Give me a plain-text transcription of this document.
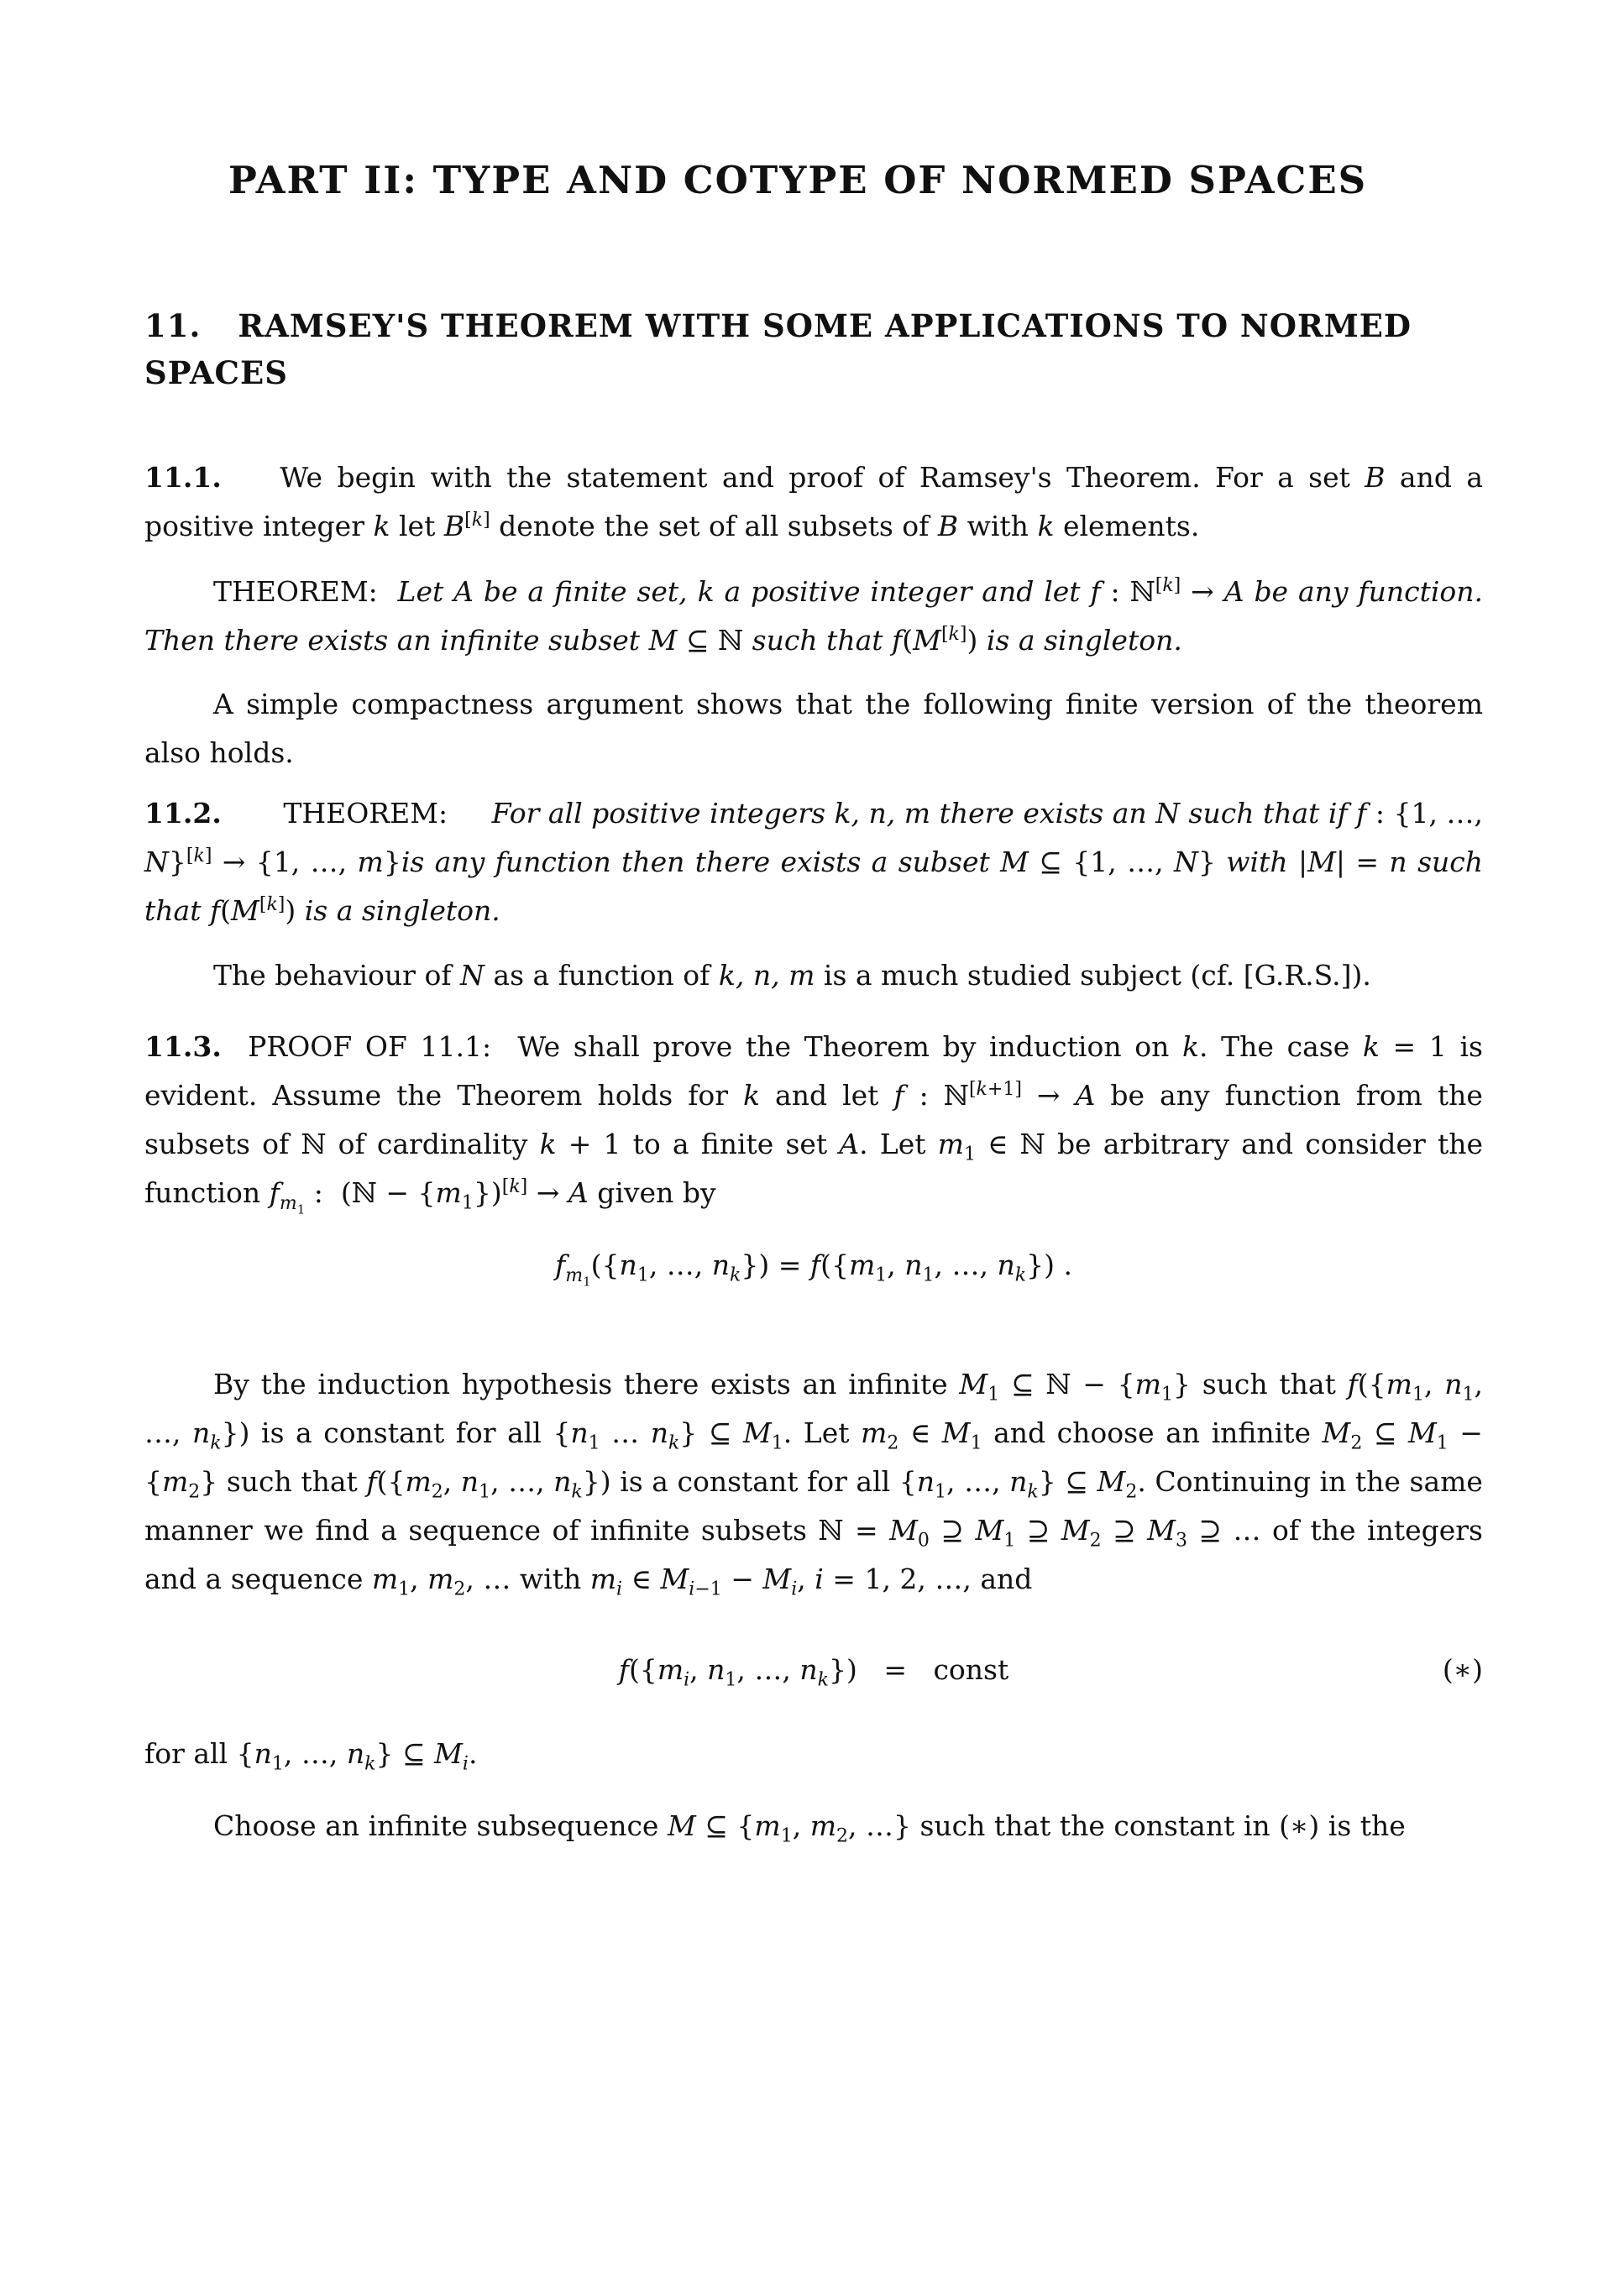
PART II: TYPE AND COTYPE OF NORMED SPACES
11. RAMSEY'S THEOREM WITH SOME APPLICATIONS TO NORMED SPACES
11.1. We begin with the statement and proof of Ramsey's Theorem. For a set B and a positive integer k let B[k] denote the set of all subsets of B with k elements.
THEOREM: Let A be a finite set, k a positive integer and let f : ℕ[k] → A be any function. Then there exists an infinite subset M ⊆ ℕ such that f(M[k]) is a singleton.
A simple compactness argument shows that the following finite version of the theorem also holds.
11.2. THEOREM: For all positive integers k, n, m there exists an N such that if f : {1, …, N}[k] → {1, …, m}is any function then there exists a subset M ⊆ {1, …, N} with |M| = n such that f(M[k]) is a singleton.
The behaviour of N as a function of k, n, m is a much studied subject (cf. [G.R.S.]).
11.3. PROOF OF 11.1: We shall prove the Theorem by induction on k. The case k = 1 is evident. Assume the Theorem holds for k and let f : ℕ[k+1] → A be any function from the subsets of ℕ of cardinality k + 1 to a finite set A. Let $m_1$ ∈ ℕ be arbitrary and consider the function $f_{m_1}$ :  (ℕ − $\{m_1\})[k] \to A$ given by
$f_{m_1}(\{n_1$, …, $n_k\}) = f(\{m_1$, $n_1$, …, $n_k$}) .
By the induction hypothesis there exists an infinite $M_1$ ⊆ ℕ − $\{m_1\}$ such that $f(\{m_1$, $n_1$, …, $n_k$}) is a constant for all {$n_1$ … $n_k$} ⊆ $M_1$. Let $m_2$ ∈ $M_1$ and choose an infinite $M_2$ ⊆ $M_1 - \{m_2\}$ such that $f(\{m_2$, $n_1$, …, $n_k$}) is a constant for all {$n_1$, …, $n_k$} ⊆ $M_2$. Continuing in the same manner we find a sequence of infinite subsets ℕ = $M_0$ ⊇ $M_1$ ⊇ $M_2$ ⊇ $M_3$ ⊇ … of the integers and a sequence $m_1$, $m_2$, … with $m_i$ ∈ $M_{i-1} - M_i$, i = 1, 2, …, and
$f(\{m_i$, $n_1$, …, $n_k$})   =   const	(∗)
for all {$n_1$, …, $n_k$} ⊆ $M_i$.
Choose an infinite subsequence M ⊆ {$m_1$, $m_2$, …} such that the constant in (∗) is the
